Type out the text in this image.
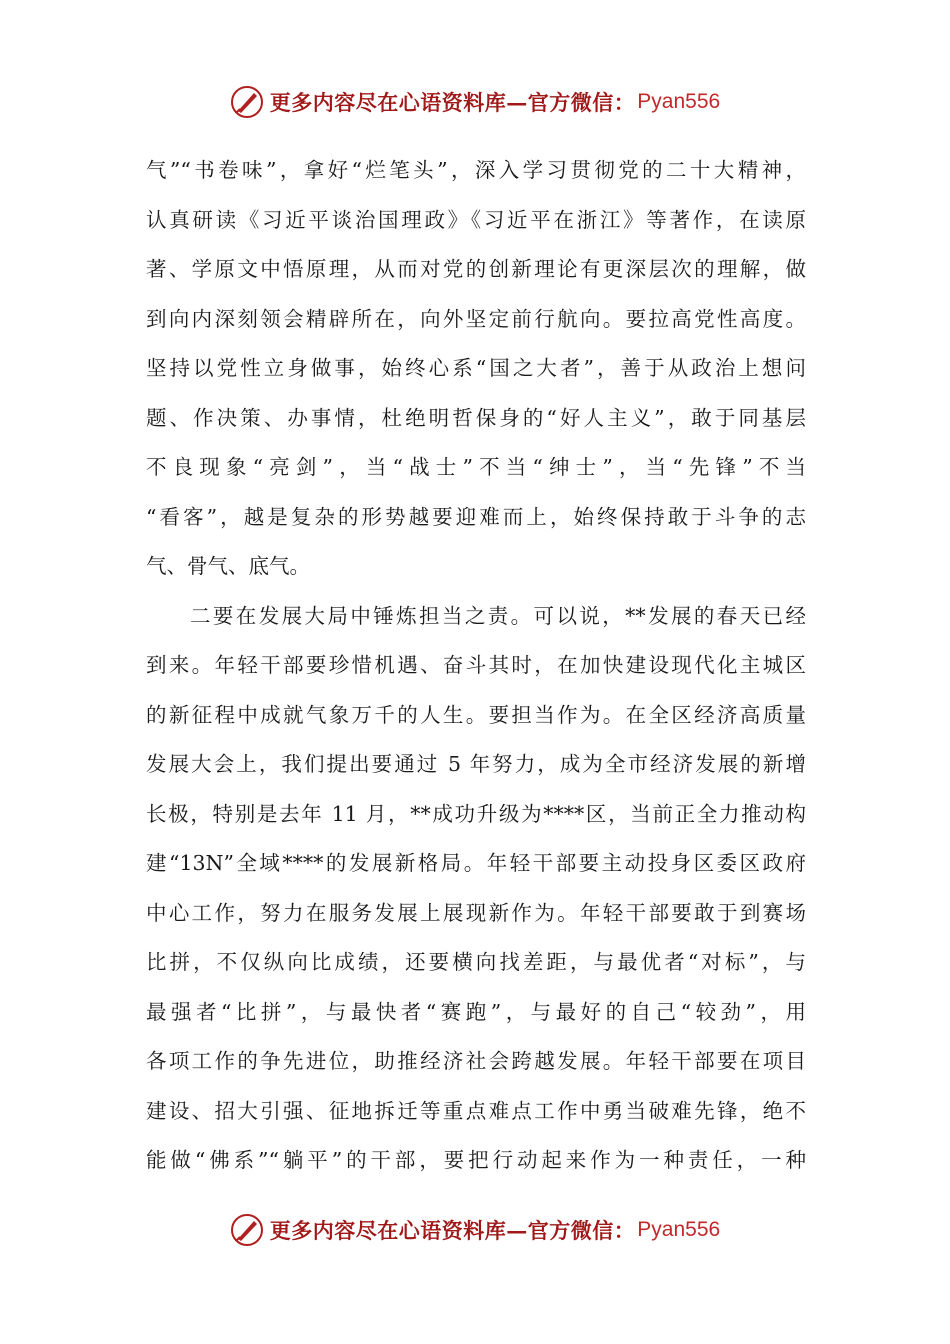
更多内容尽在心语资料库—官方微信： Pyan556
气”“书卷味”，拿好“烂笔头”，深入学习贯彻党的二十大精神，
认真研读《习近平谈治国理政》《习近平在浙江》等著作，在读原
著、学原文中悟原理，从而对党的创新理论有更深层次的理解，做
到向内深刻领会精辟所在，向外坚定前行航向。要拉高党性高度。
坚持以党性立身做事，始终心系“国之大者”，善于从政治上想问
题、作决策、办事情，杜绝明哲保身的“好人主义”，敢于同基层
不良现象“亮剑”，当“战士”不当“绅士”，当“先锋”不当
“看客”，越是复杂的形势越要迎难而上，始终保持敢于斗争的志
气、骨气、底气。
二要在发展大局中锤炼担当之责。可以说，**发展的春天已经
到来。年轻干部要珍惜机遇、奋斗其时，在加快建设现代化主城区
的新征程中成就气象万千的人生。要担当作为。在全区经济高质量
发展大会上，我们提出要通过 5 年努力，成为全市经济发展的新增
长极，特别是去年 11 月，**成功升级为****区，当前正全力推动构
建“13N”全域****的发展新格局。年轻干部要主动投身区委区政府
中心工作，努力在服务发展上展现新作为。年轻干部要敢于到赛场
比拼，不仅纵向比成绩，还要横向找差距，与最优者“对标”，与
最强者“比拼”，与最快者“赛跑”，与最好的自己“较劲”，用
各项工作的争先进位，助推经济社会跨越发展。年轻干部要在项目
建设、招大引强、征地拆迁等重点难点工作中勇当破难先锋，绝不
能做“佛系”“躺平”的干部，要把行动起来作为一种责任，一种
更多内容尽在心语资料库—官方微信： Pyan556
